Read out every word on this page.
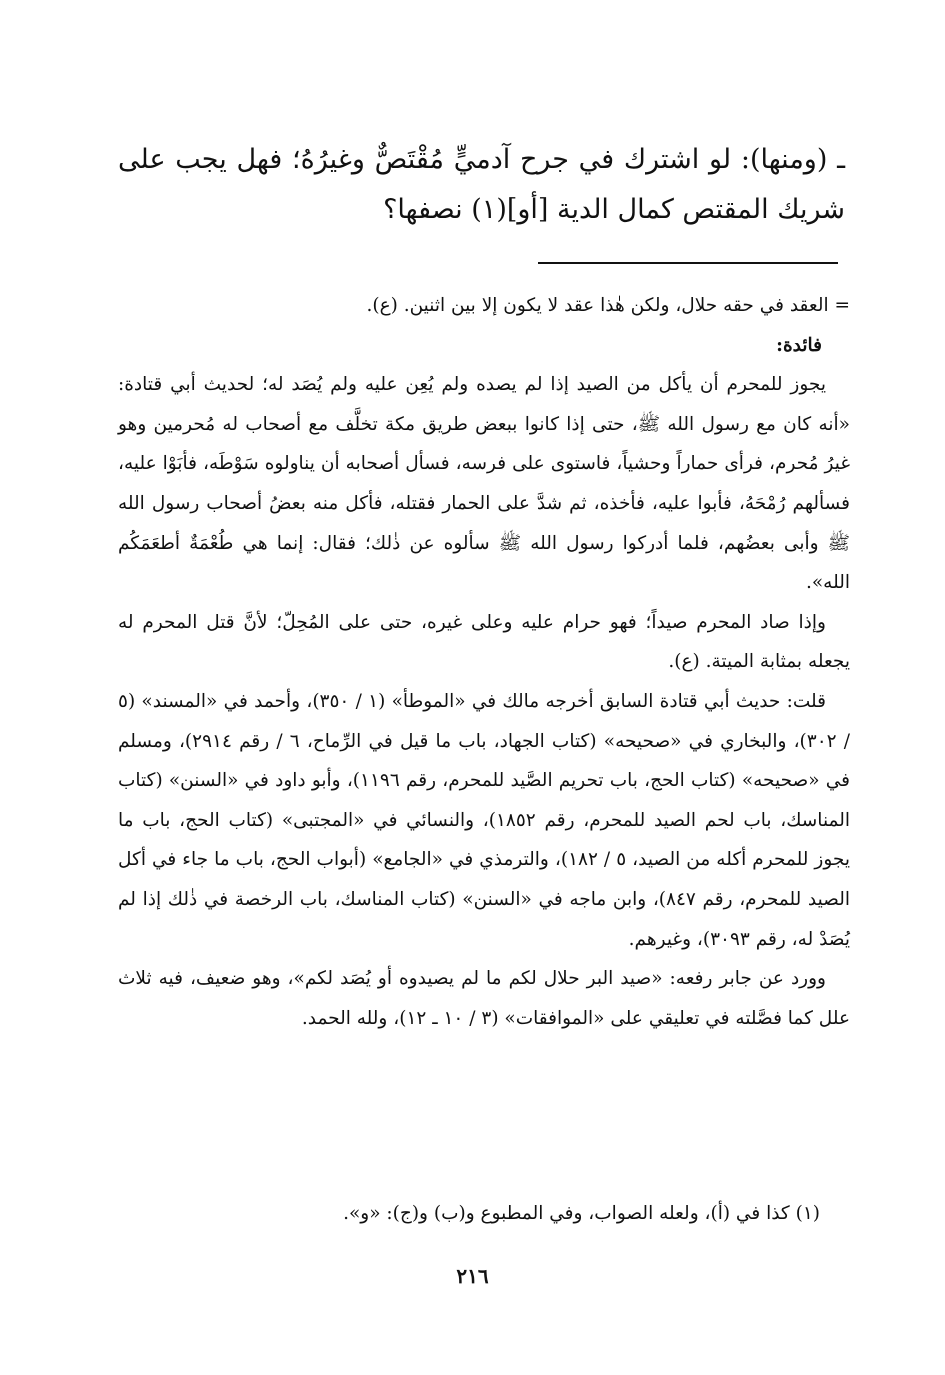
ـ (ومنها): لو اشترك في جرح آدميٍّ مُقْتَصٌّ وغيرُهُ؛ فهل يجب على شريك المقتص كمال الدية [أو](١) نصفها؟

= العقد في حقه حلال، ولكن هٰذا عقد لا يكون إلا بين اثنين. (ع).

فائدة:

يجوز للمحرم أن يأكل من الصيد إذا لم يصده ولم يُعِن عليه ولم يُصَد له؛ لحديث أبي قتادة: «أنه كان مع رسول الله ﷺ، حتى إذا كانوا ببعض طريق مكة تخلَّف مع أصحاب له مُحرمين وهو غيرُ مُحرم، فرأى حماراً وحشياً، فاستوى على فرسه، فسأل أصحابه أن يناولوه سَوْطَه، فأبَوْا عليه، فسألهم رُمْحَهُ، فأبوا عليه، فأخذه، ثم شدَّ على الحمار فقتله، فأكل منه بعضُ أصحاب رسول الله ﷺ وأبى بعضُهم، فلما أدركوا رسول الله ﷺ سألوه عن ذٰلك؛ فقال: إنما هي طُعْمَةٌ أطعَمَكُم الله».

وإذا صاد المحرم صيداً؛ فهو حرام عليه وعلى غيره، حتى على المُحِلّ؛ لأنَّ قتل المحرم له يجعله بمثابة الميتة. (ع).

قلت: حديث أبي قتادة السابق أخرجه مالك في «الموطأ» (١ / ٣٥٠)، وأحمد في «المسند» (٥ / ٣٠٢)، والبخاري في «صحيحه» (كتاب الجهاد، باب ما قيل في الرِّماح، ٦ / رقم ٢٩١٤)، ومسلم في «صحيحه» (كتاب الحج، باب تحريم الصَّيد للمحرم، رقم ١١٩٦)، وأبو داود في «السنن» (كتاب المناسك، باب لحم الصيد للمحرم، رقم ١٨٥٢)، والنسائي في «المجتبى» (كتاب الحج، باب ما يجوز للمحرم أكله من الصيد، ٥ / ١٨٢)، والترمذي في «الجامع» (أبواب الحج، باب ما جاء في أكل الصيد للمحرم، رقم ٨٤٧)، وابن ماجه في «السنن» (كتاب المناسك، باب الرخصة في ذٰلك إذا لم يُصَدْ له، رقم ٣٠٩٣)، وغيرهم.

وورد عن جابر رفعه: «صيد البر حلال لكم ما لم يصيدوه أو يُصَد لكم»، وهو ضعيف، فيه ثلاث علل كما فصَّلته في تعليقي على «الموافقات» (٣ / ١٠ ـ ١٢)، ولله الحمد.

(١) كذا في (أ)، ولعله الصواب، وفي المطبوع و(ب) و(ج): «و».

٢١٦
